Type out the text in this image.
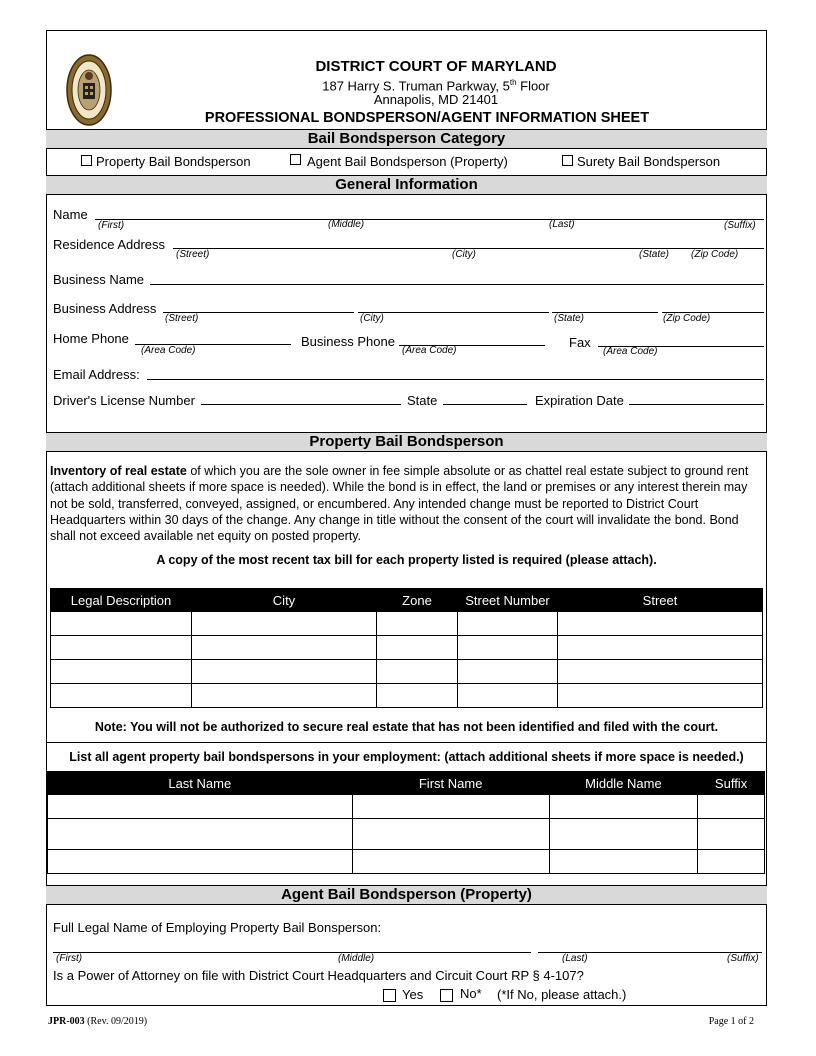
DISTRICT COURT OF MARYLAND
187 Harry S. Truman Parkway, 5th Floor
Annapolis, MD 21401
PROFESSIONAL BONDSPERSON/AGENT INFORMATION SHEET
Bail Bondsperson Category
Property Bail Bondsperson	Agent Bail Bondsperson (Property)	Surety Bail Bondsperson
General Information
Name
(First)	(Middle)	(Last)	(Suffix)
Residence Address
(Street)	(City)	(State) (Zip Code)
Business Name
Business Address
(Street)	(City)	(State)	(Zip Code)
Home Phone
(Area Code)
Business Phone
(Area Code)
Fax
(Area Code)
Email Address:
Driver's License Number	State	Expiration Date
Property Bail Bondsperson
Inventory of real estate of which you are the sole owner in fee simple absolute or as chattel real estate subject to ground rent (attach additional sheets if more space is needed). While the bond is in effect, the land or premises or any interest therein may not be sold, transferred, conveyed, assigned, or encumbered. Any intended change must be reported to District Court Headquarters within 30 days of the change. Any change in title without the consent of the court will invalidate the bond. Bond shall not exceed available net equity on posted property.
A copy of the most recent tax bill for each property listed is required (please attach).
Legal Description	City	Zone	Street Number	Street

Note: You will not be authorized to secure real estate that has not been identified and filed with the court.
List all agent property bail bondspersons in your employment: (attach additional sheets if more space is needed.)
Last Name	First Name	Middle Name	Suffix

Agent Bail Bondsperson (Property)
Full Legal Name of Employing Property Bail Bonsperson:
(First)	(Middle)	(Last)	(Suffix)
Is a Power of Attorney on file with District Court Headquarters and Circuit Court RP § 4-107?
Yes	No* (*If No, please attach.)
JPR-003 (Rev. 09/2019)	Page 1 of 2
